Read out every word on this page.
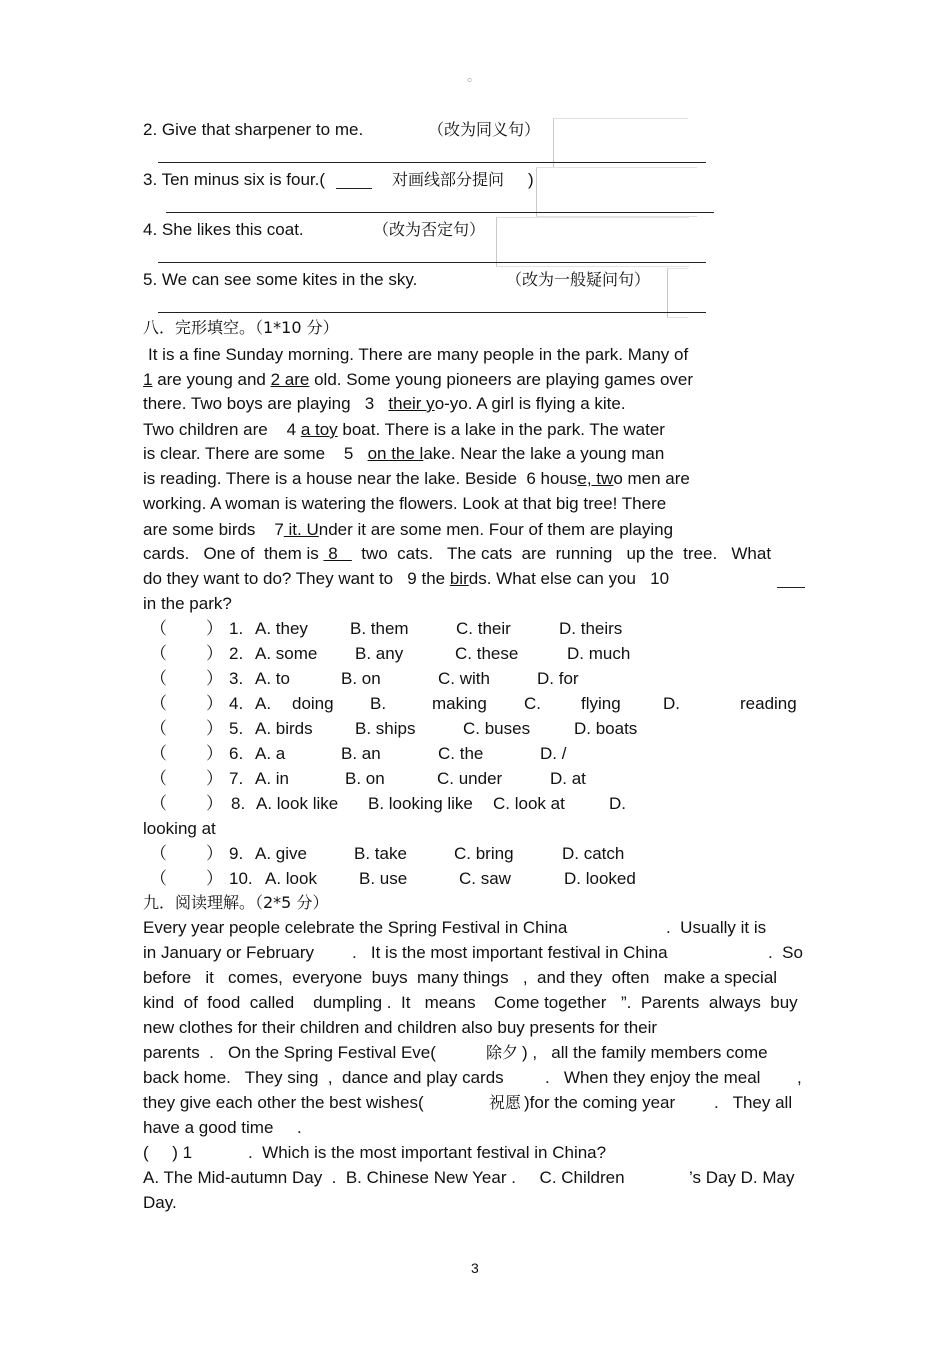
。
2. Give that sharpener to me.	（改为同义句）
3. Ten minus six is four.(	对画线部分提问 )
4. She likes this coat.	（改为否定句）
5. We can see some kites in the sky.	（改为一般疑问句）
八．完形填空。（1*10 分）
It is a fine Sunday morning. There are many people in the park. Many of
1 are young and 2 are old. Some young pioneers are playing games over
there. Two boys are playing   3   their yo-yo. A girl is flying a kite.
Two children are    4 a toy boat. There is a lake in the park. The water
is clear. There are some    5   on the lake. Near the lake a young man
is reading. There is a house near the lake. Beside  6 house, two men are
working. A woman is watering the flowers. Look at that big tree! There
are some birds    7 it. Under it are some men. Four of them are playing
cards.   One of  them is  8     two  cats.   The cats  are  running   up the  tree.   What
do they want to do? They want to   9 the birds. What else can you   10
in the park?
（ ） 1. A. they B. them	C. their	D. theirs
（ ） 2. A. some B. any	C. these	D. much
（ ） 3. A. to	B. on	C. with	D. for
（ ） 4. A. doing B.	making C. flying D.	reading
（ ） 5. A. birds B. ships	C. buses	D. boats
（ ） 6. A. a	B. an	C. the	D. /
（ ） 7. A. in	B. on	C. under	D. at
（ ） 8. A. look like B. looking like C. look at	D.
looking at
（ ） 9. A. give	B. take	C. bring	D. catch
（ ） 10. A. look B. use	C. saw	D. looked
九．阅读理解。（2*5 分）
Every year people celebrate the Spring Festival in China	.  Usually it is
in January or February .   It is the most important festival in China	.  So
before   it   comes,  everyone  buys  many things   ,  and they  often   make a special
kind  of  food  called    dumpling .  It   means Come together ”.  Parents  always  buy
new clothes for their children and children also buy presents for their
parents  .   On the Spring Festival Eve(	除夕 ) ,   all the family members come
back home.   They sing  ,  dance and play cards .   When they enjoy the meal ,
they give each other the best wishes(	祝愿 )for the coming year .   They all
have a good time .
(     ) 1	.  Which is the most important festival in China?
A. The Mid-autumn Day  .  B. Chinese New Year .     C. Children	’s Day D. May
Day.
3
